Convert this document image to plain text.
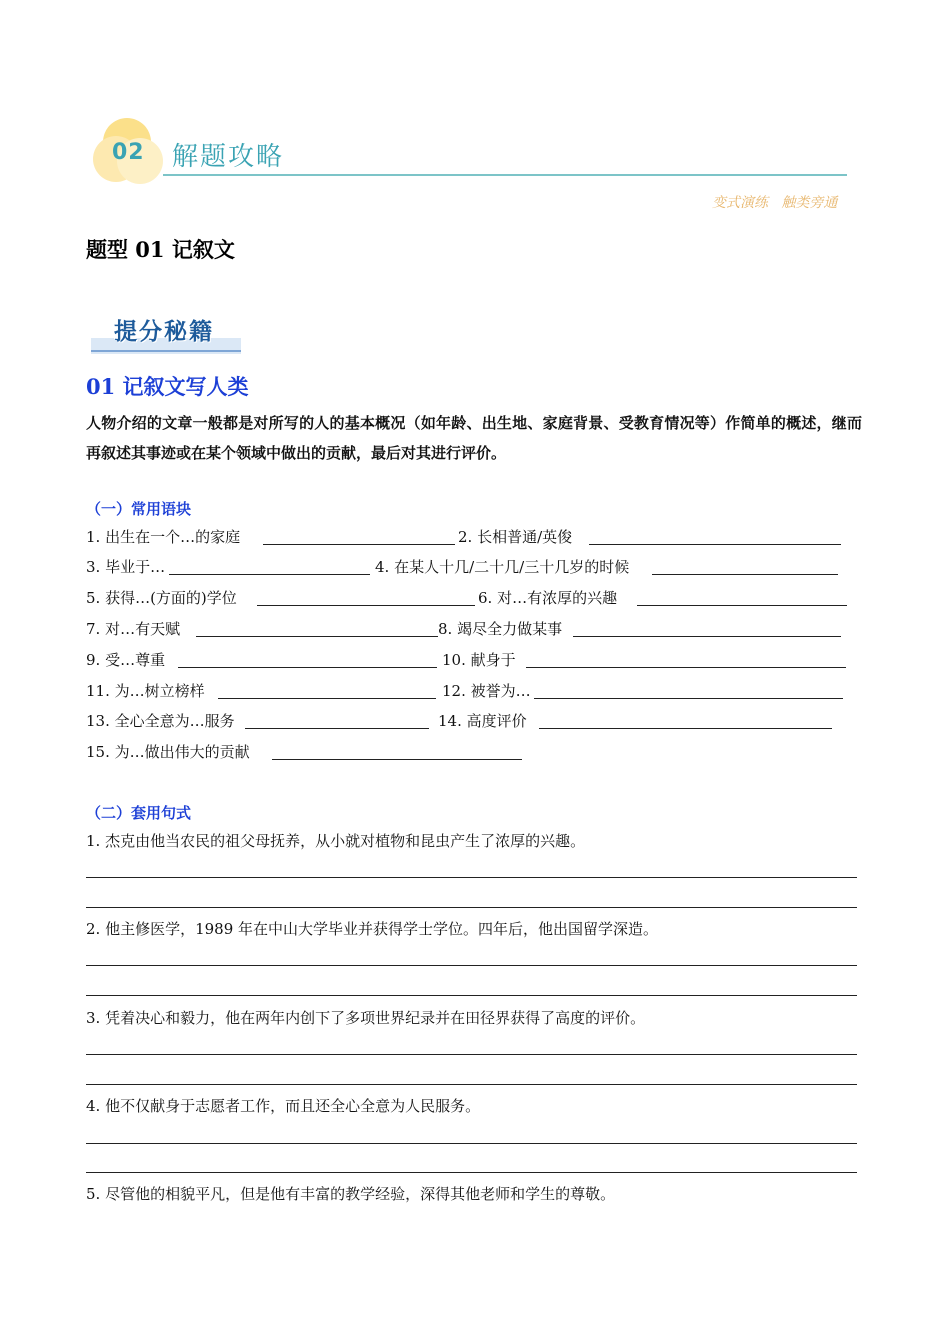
02 解题攻略
变式演练   触类旁通
题型 01 记叙文
提分秘籍
01 记叙文写人类
人物介绍的文章一般都是对所写的人的基本概况（如年龄、出生地、家庭背景、受教育情况等）作简单的概述，继而再叙述其事迹或在某个领域中做出的贡献，最后对其进行评价。
（一）常用语块
1. 出生在一个…的家庭	2. 长相普通/英俊
3. 毕业于…	4. 在某人十几/二十几/三十几岁的时候
5. 获得…(方面的)学位	6. 对…有浓厚的兴趣
7. 对…有天赋	8. 竭尽全力做某事
9. 受…尊重	10. 献身于
11. 为…树立榜样	12. 被誉为…
13. 全心全意为…服务	14. 高度评价
15. 为…做出伟大的贡献
（二）套用句式
1. 杰克由他当农民的祖父母抚养，从小就对植物和昆虫产生了浓厚的兴趣。
2. 他主修医学，1989 年在中山大学毕业并获得学士学位。四年后，他出国留学深造。
3. 凭着决心和毅力，他在两年内创下了多项世界纪录并在田径界获得了高度的评价。
4. 他不仅献身于志愿者工作，而且还全心全意为人民服务。
5. 尽管他的相貌平凡，但是他有丰富的教学经验，深得其他老师和学生的尊敬。
